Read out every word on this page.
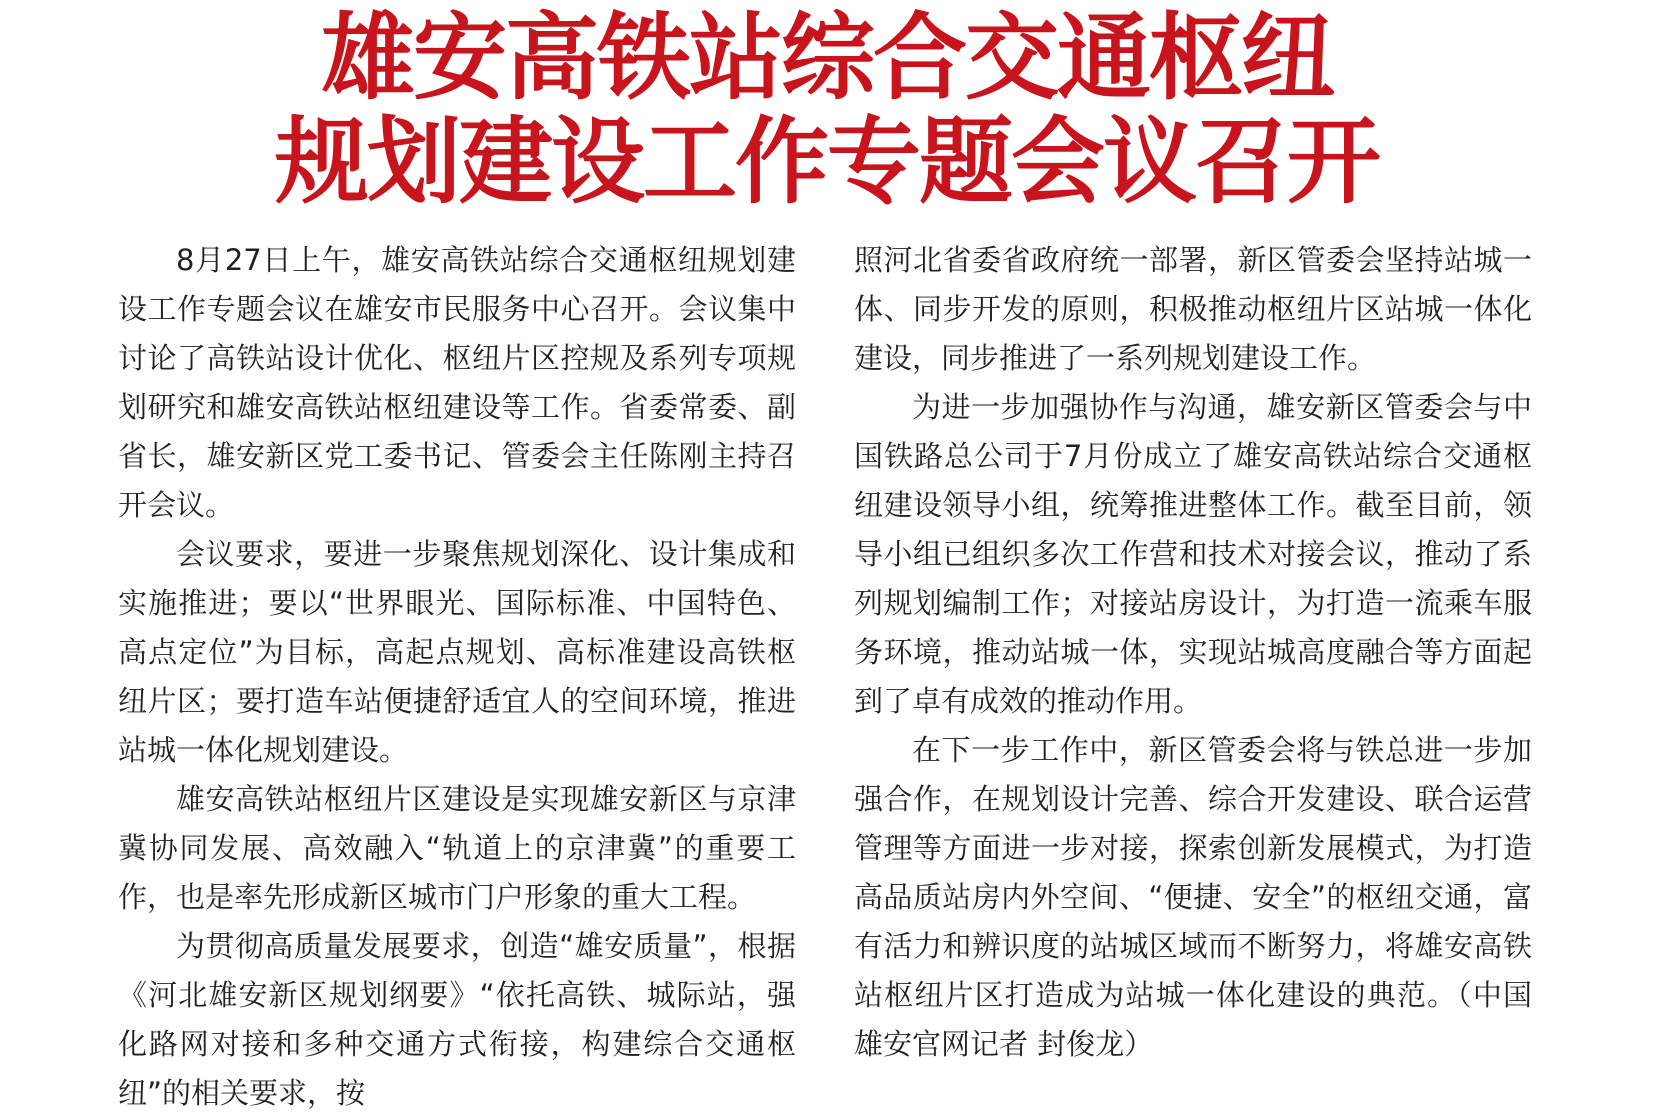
雄安高铁站综合交通枢纽
规划建设工作专题会议召开

8月27日上午，雄安高铁站综合交通枢纽规划建设工作专题会议在雄安市民服务中心召开。会议集中讨论了高铁站设计优化、枢纽片区控规及系列专项规划研究和雄安高铁站枢纽建设等工作。省委常委、副省长，雄安新区党工委书记、管委会主任陈刚主持召开会议。

会议要求，要进一步聚焦规划深化、设计集成和实施推进；要以“世界眼光、国际标准、中国特色、高点定位”为目标，高起点规划、高标准建设高铁枢纽片区；要打造车站便捷舒适宜人的空间环境，推进站城一体化规划建设。

雄安高铁站枢纽片区建设是实现雄安新区与京津冀协同发展、高效融入“轨道上的京津冀”的重要工作，也是率先形成新区城市门户形象的重大工程。

为贯彻高质量发展要求，创造“雄安质量”，根据《河北雄安新区规划纲要》“依托高铁、城际站，强化路网对接和多种交通方式衔接，构建综合交通枢纽”的相关要求，按

照河北省委省政府统一部署，新区管委会坚持站城一体、同步开发的原则，积极推动枢纽片区站城一体化建设，同步推进了一系列规划建设工作。

为进一步加强协作与沟通，雄安新区管委会与中国铁路总公司于7月份成立了雄安高铁站综合交通枢纽建设领导小组，统筹推进整体工作。截至目前，领导小组已组织多次工作营和技术对接会议，推动了系列规划编制工作；对接站房设计，为打造一流乘车服务环境，推动站城一体，实现站城高度融合等方面起到了卓有成效的推动作用。

在下一步工作中，新区管委会将与铁总进一步加强合作，在规划设计完善、综合开发建设、联合运营管理等方面进一步对接，探索创新发展模式，为打造高品质站房内外空间、“便捷、安全”的枢纽交通，富有活力和辨识度的站城区域而不断努力，将雄安高铁站枢纽片区打造成为站城一体化建设的典范。（中国雄安官网记者 封俊龙）
